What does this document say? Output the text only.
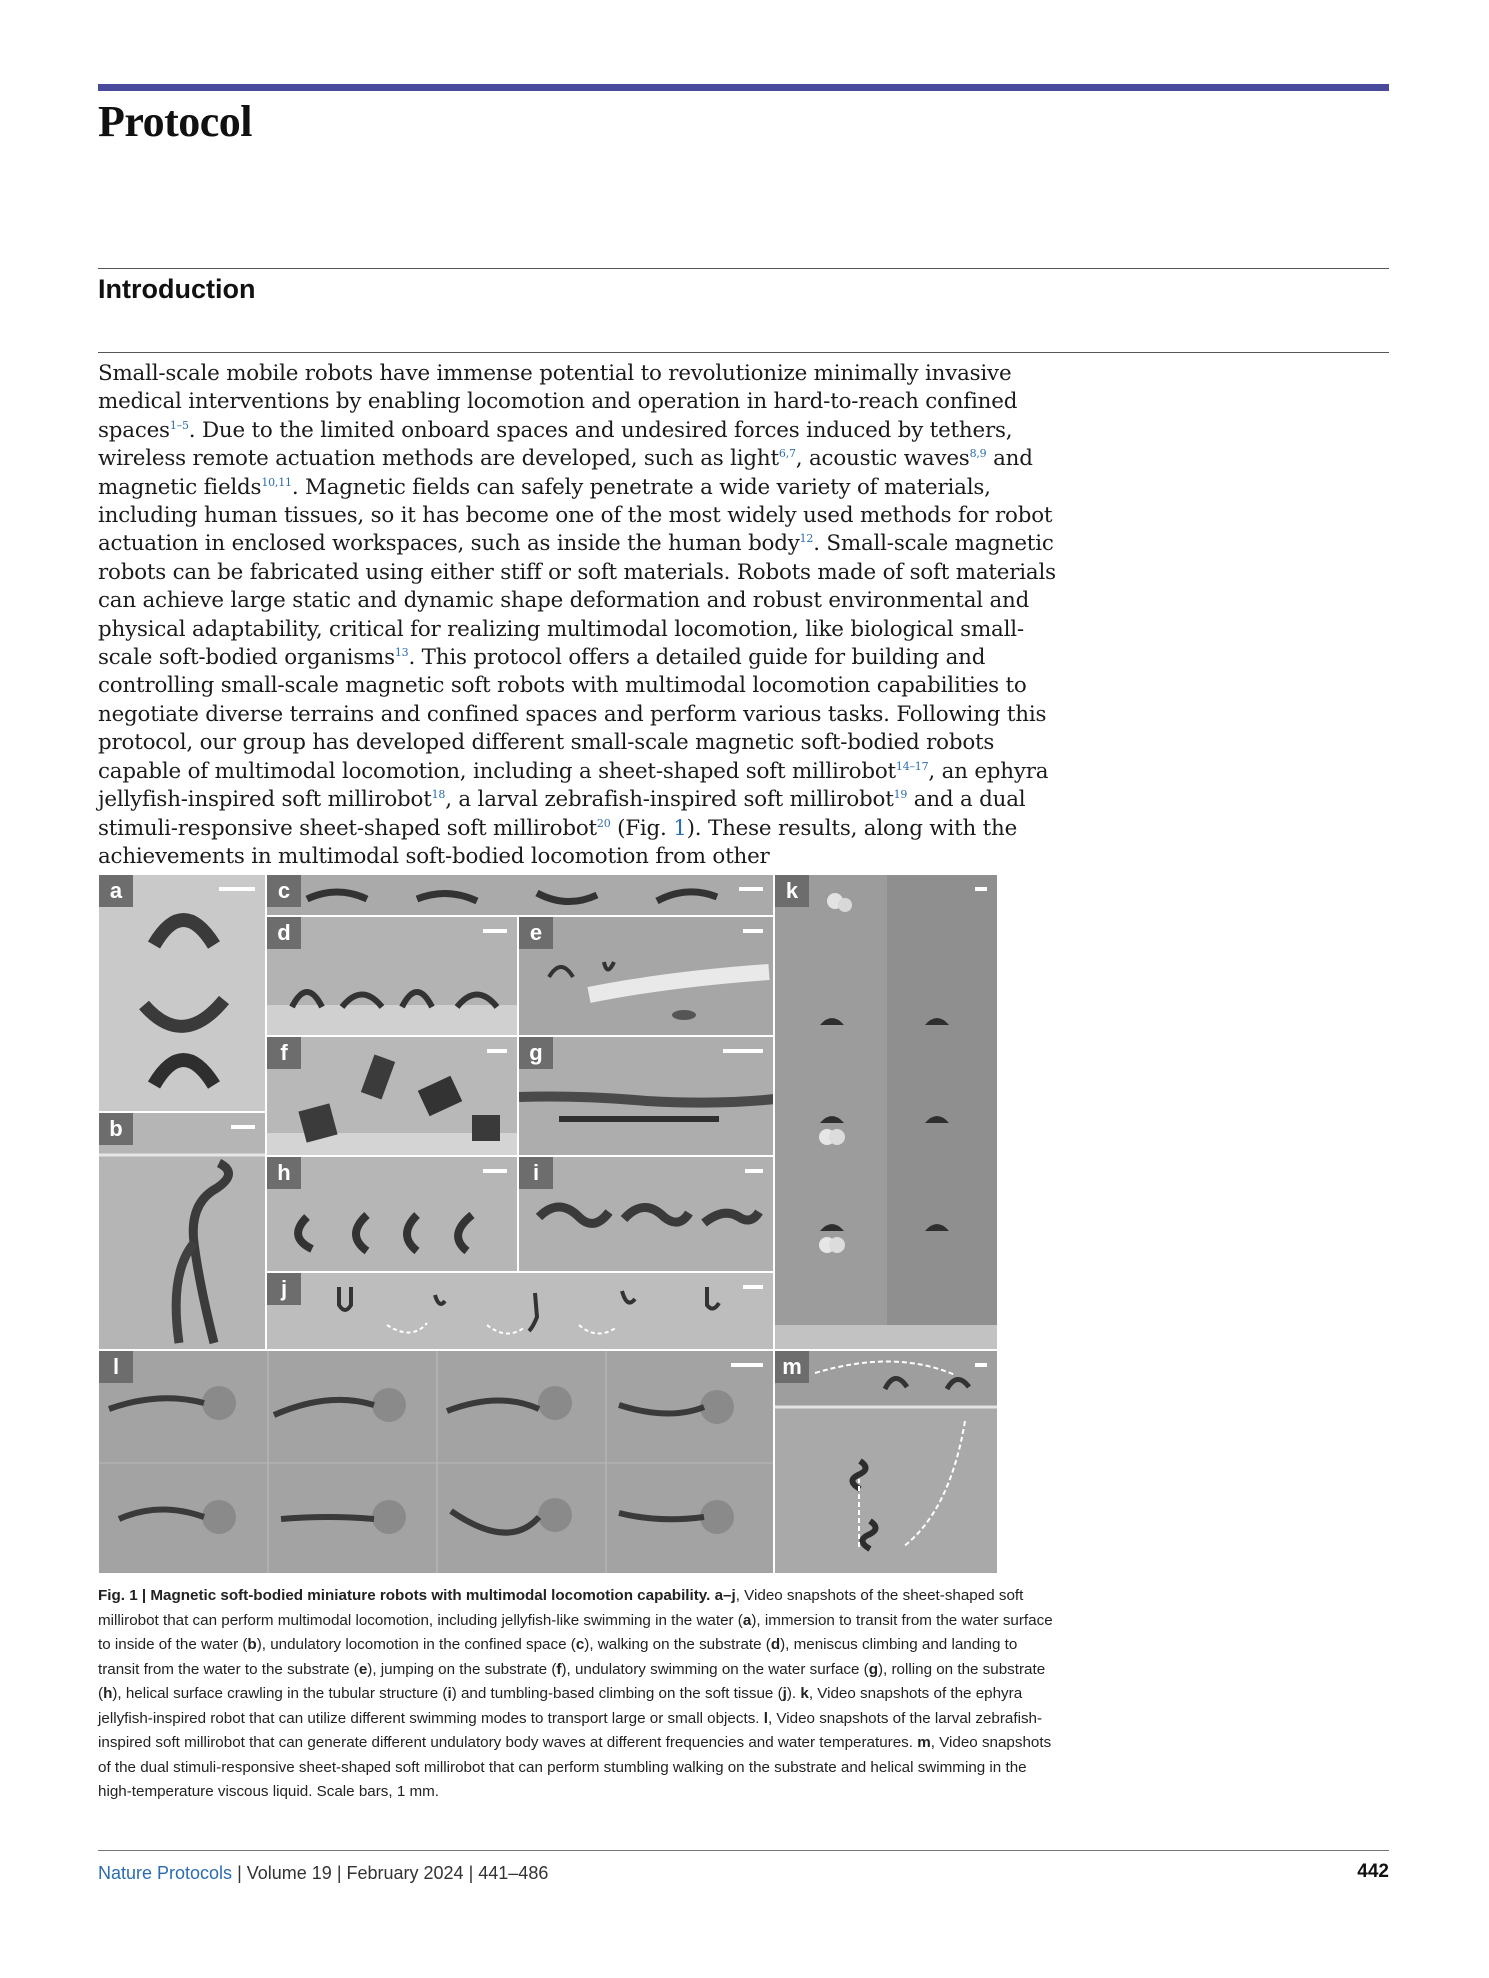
Protocol
Introduction

Small-scale mobile robots have immense potential to revolutionize minimally invasive medical interventions by enabling locomotion and operation in hard-to-reach confined spaces$^{1-5}$. Due to the limited onboard spaces and undesired forces induced by tethers, wireless remote actuation methods are developed, such as light$^{6,7}$, acoustic waves$^{8,9}$ and magnetic fields$^{10,11}$. Magnetic fields can safely penetrate a wide variety of materials, including human tissues, so it has become one of the most widely used methods for robot actuation in enclosed workspaces, such as inside the human body$^{12}$. Small-scale magnetic robots can be fabricated using either stiff or soft materials. Robots made of soft materials can achieve large static and dynamic shape deformation and robust environmental and physical adaptability, critical for realizing multimodal locomotion, like biological small-scale soft-bodied organisms$^{13}$. This protocol offers a detailed guide for building and controlling small-scale magnetic soft robots with multimodal locomotion capabilities to negotiate diverse terrains and confined spaces and perform various tasks. Following this protocol, our group has developed different small-scale magnetic soft-bodied robots capable of multimodal locomotion, including a sheet-shaped soft millirobot$^{14-17}$, an ephyra jellyfish-inspired soft millirobot$^{18}$, a larval zebrafish-inspired soft millirobot$^{19}$ and a dual stimuli-responsive sheet-shaped soft millirobot$^{20}$ (Fig. 1). These results, along with the achievements in multimodal soft-bodied locomotion from other

a
b
c
d	e
f	g
h	i
j
k
l	m

Fig. 1 | Magnetic soft-bodied miniature robots with multimodal locomotion capability. a–j, Video snapshots of the sheet-shaped soft millirobot that can perform multimodal locomotion, including jellyfish-like swimming in the water (a), immersion to transit from the water surface to inside of the water (b), undulatory locomotion in the confined space (c), walking on the substrate (d), meniscus climbing and landing to transit from the water to the substrate (e), jumping on the substrate (f), undulatory swimming on the water surface (g), rolling on the substrate (h), helical surface crawling in the tubular structure (i) and tumbling-based climbing on the soft tissue (j). k, Video snapshots of the ephyra jellyfish-inspired robot that can utilize different swimming modes to transport large or small objects. l, Video snapshots of the larval zebrafish-inspired soft millirobot that can generate different undulatory body waves at different frequencies and water temperatures. m, Video snapshots of the dual stimuli-responsive sheet-shaped soft millirobot that can perform stumbling walking on the substrate and helical swimming in the high-temperature viscous liquid. Scale bars, 1 mm.

Nature Protocols | Volume 19 | February 2024 | 441–486	442
